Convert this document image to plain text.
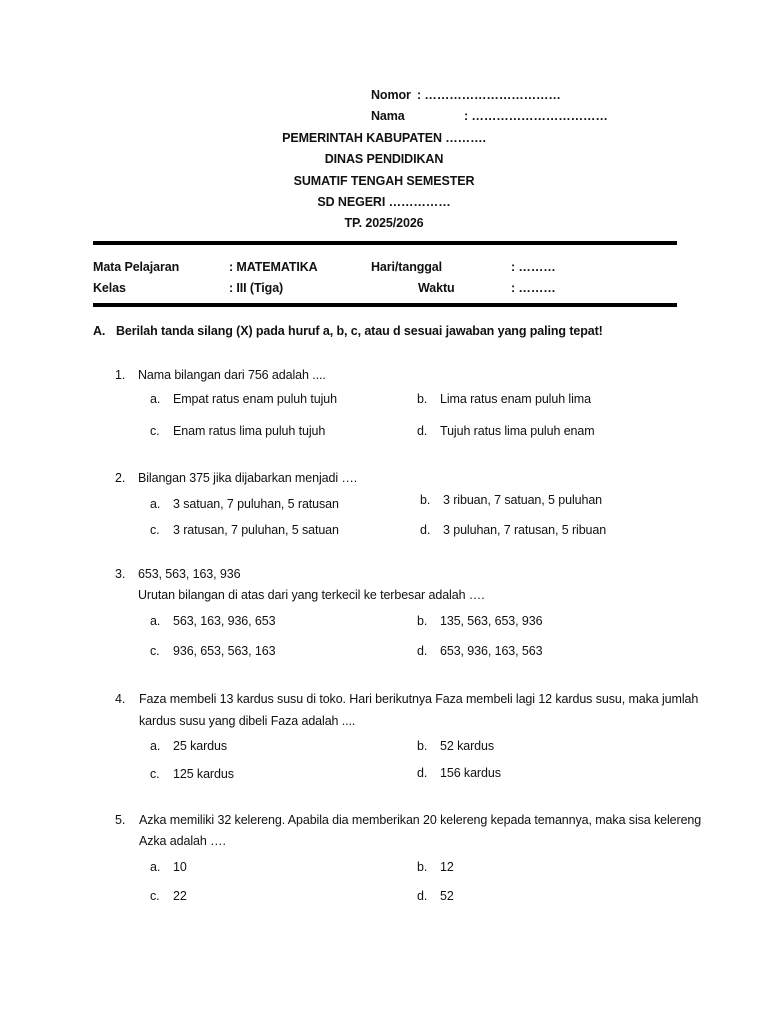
Nomor : ……………………………
Nama	: ……………………………
PEMERINTAH KABUPATEN ……….
DINAS PENDIDIKAN
SUMATIF TENGAH SEMESTER
SD NEGERI ……………
TP. 2025/2026
Mata Pelajaran	: MATEMATIKA	Hari/tanggal	: ………
Kelas	: III (Tiga)	Waktu	: ………
A. Berilah tanda silang (X) pada huruf a, b, c, atau d sesuai jawaban yang paling tepat!
1. Nama bilangan dari 756 adalah ....
a. Empat ratus enam puluh tujuh	b. Lima ratus enam puluh lima
c. Enam ratus lima puluh tujuh	d. Tujuh ratus lima puluh enam
2. Bilangan 375 jika dijabarkan menjadi ….
a. 3 satuan, 7 puluhan, 5 ratusan	b. 3 ribuan, 7 satuan, 5 puluhan
c. 3 ratusan, 7 puluhan, 5 satuan	d. 3 puluhan, 7 ratusan, 5 ribuan
3. 653, 563, 163, 936
Urutan bilangan di atas dari yang terkecil ke terbesar adalah ….
a. 563, 163, 936, 653	b. 135, 563, 653, 936
c. 936, 653, 563, 163	d. 653, 936, 163, 563
4. Faza membeli 13 kardus susu di toko. Hari berikutnya Faza membeli lagi 12 kardus susu, maka jumlah
kardus susu yang dibeli Faza adalah ....
a. 25 kardus	b. 52 kardus
c. 125 kardus	d. 156 kardus
5. Azka memiliki 32 kelereng. Apabila dia memberikan 20 kelereng kepada temannya, maka sisa kelereng
Azka adalah ….
a. 10	b. 12
c. 22	d. 52
